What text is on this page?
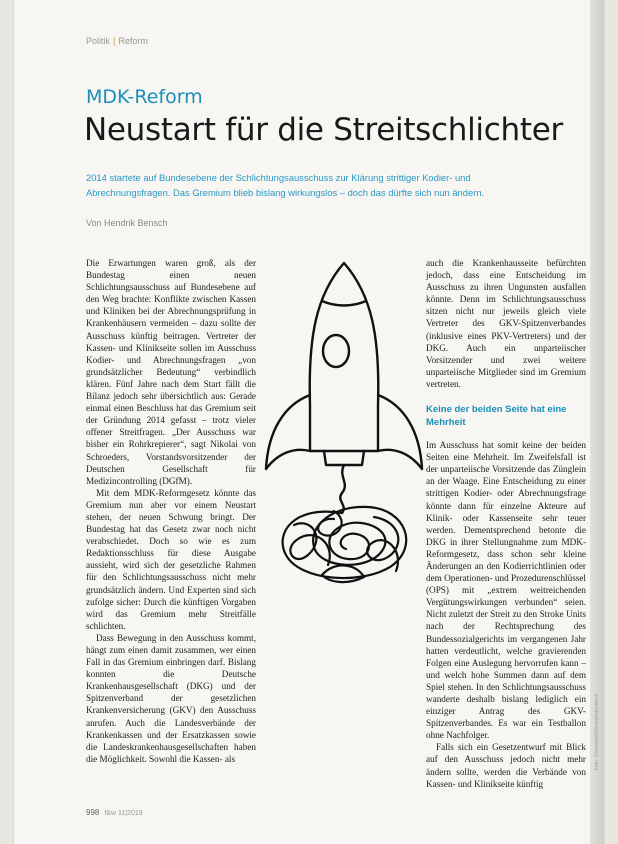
Politik | Reform
MDK-Reform
Neustart für die Streitschlichter
2014 startete auf Bundesebene der Schlichtungsausschuss zur Klärung strittiger Kodier- und Abrechnungsfragen. Das Gremium blieb bislang wirkungslos – doch das dürfte sich nun ändern.
Von Hendrik Bensch

Die Erwartungen waren groß, als der Bundestag einen neuen Schlichtungsausschuss auf Bundesebene auf den Weg brachte: Konflikte zwischen Kassen und Kliniken bei der Abrechnungsprüfung in Krankenhäusern vermeiden – dazu sollte der Ausschuss künftig beitragen. Vertreter der Kassen- und Klinikseite sollen im Ausschuss Kodier- und Abrechnungsfragen „von grundsätzlicher Bedeutung“ verbindlich klären. Fünf Jahre nach dem Start fällt die Bilanz jedoch sehr übersichtlich aus: Gerade einmal einen Beschluss hat das Gremium seit der Gründung 2014 gefasst – trotz vieler offener Streitfragen. „Der Ausschuss war bisher ein Rohrkrepierer“, sagt Nikolai von Schroeders, Vorstandsvorsitzender der Deutschen Gesellschaft für Medizincontrolling (DGfM).

Mit dem MDK-Reformgesetz könnte das Gremium nun aber vor einem Neustart stehen, der neuen Schwung bringt. Der Bundestag hat das Gesetz zwar noch nicht verabschiedet. Doch so wie es zum Redaktionsschluss für diese Ausgabe aussieht, wird sich der gesetzliche Rahmen für den Schlichtungsausschuss nicht mehr grundsätzlich ändern. Und Experten sind sich zufolge sicher: Durch die künftigen Vorgaben wird das Gremium mehr Streitfälle schlichten.

Dass Bewegung in den Ausschuss kommt, hängt zum einen damit zusammen, wer einen Fall in das Gremium einbringen darf. Bislang konnten die Deutsche Krankenhausgesellschaft (DKG) und der Spitzenverband der gesetzlichen Krankenversicherung (GKV) den Ausschuss anrufen. Auch die Landesverbände der Krankenkassen und der Ersatzkassen sowie die Landeskrankenhausgesellschaften haben die Möglichkeit. Sowohl die Kassen- als

auch die Krankenhausseite befürchten jedoch, dass eine Entscheidung im Ausschuss zu ihren Ungunsten ausfallen könnte. Denn im Schlichtungsausschuss sitzen nicht nur jeweils gleich viele Vertreter des GKV-Spitzenverbandes (inklusive eines PKV-Vertreters) und der DKG. Auch ein unparteiischer Vorsitzender und zwei weitere unparteiische Mitglieder sind im Gremium vertreten.

Keine der beiden Seite hat eine Mehrheit

Im Ausschuss hat somit keine der beiden Seiten eine Mehrheit. Im Zweifelsfall ist der unparteiische Vorsitzende das Zünglein an der Waage. Eine Entscheidung zu einer strittigen Kodier- oder Abrechnungsfrage könnte dann für einzelne Akteure auf Klinik- oder Kassenseite sehr teuer werden. Dementsprechend betonte die DKG in ihrer Stellungnahme zum MDK-Reformgesetz, dass schon sehr kleine Änderungen an den Kodierrichtlinien oder dem Operationen- und Prozedurenschlüssel (OPS) mit „extrem weitreichenden Vergütungswirkungen verbunden“ seien. Nicht zuletzt der Streit zu den Stroke Units nach der Rechtsprechung des Bundessozialgerichts im vergangenen Jahr hatten verdeutlicht, welche gravierenden Folgen eine Auslegung hervorrufen kann – und welch hohe Summen dann auf dem Spiel stehen. In den Schlichtungsausschuss wanderte deshalb bislang lediglich ein einziger Antrag des GKV-Spitzenverbandes. Es war ein Testballon ohne Nachfolger.

Falls sich ein Gesetzentwurf mit Blick auf den Ausschuss jedoch nicht mehr ändern sollte, werden die Verbände von Kassen- und Klinikseite künftig

998 f&w 11|2019
Foto: ©sorbetto/iStockphoto/istock
